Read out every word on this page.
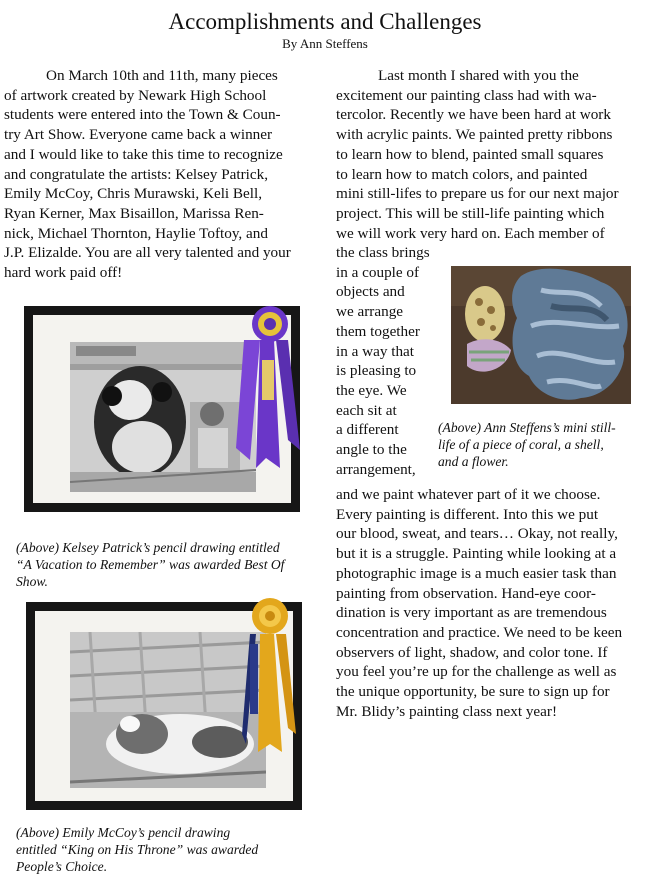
Accomplishments and Challenges
By Ann Steffens

On March 10th and 11th, many pieces

of artwork created by Newark High School

students were entered into the Town & Coun-

try Art Show. Everyone came back a winner

and I would like to take this time to recognize

and congratulate the artists: Kelsey Patrick,

Emily McCoy, Chris Murawski, Keli Bell,

Ryan Kerner, Max Bisaillon, Marissa Ren-

nick, Michael Thornton, Haylie Toftoy, and

J.P. Elizalde. You are all very talented and your

hard work paid off!

(Above) Kelsey Patrick’s pencil drawing entitled
“A Vacation to Remember” was awarded Best Of
Show.
(Above) Emily McCoy’s pencil drawing
entitled “King on His Throne” was awarded
People’s Choice.

Last month I shared with you the

excitement our painting class had with wa-

tercolor. Recently we have been hard at work

with acrylic paints. We painted pretty ribbons

to learn how to blend, painted small squares

to learn how to match colors, and painted

mini still-lifes to prepare us for our next major

project. This will be still-life painting which

we will work very hard on. Each member of

the class brings

in a couple of

objects and

we arrange

them together

in a way that

is pleasing to

the eye. We

each sit at

a different

angle to the

arrangement,

(Above) Ann Steffens’s mini still-
life of a piece of coral, a shell,
and a flower.

and we paint whatever part of it we choose.

Every painting is different. Into this we put

our blood, sweat, and tears… Okay, not really,

but it is a struggle. Painting while looking at a

photographic image is a much easier task than

painting from observation. Hand-eye coor-

dination is very important as are tremendous

concentration and practice. We need to be keen

observers of light, shadow, and color tone. If

you feel you’re up for the challenge as well as

the unique opportunity, be sure to sign up for

Mr. Blidy’s painting class next year!
